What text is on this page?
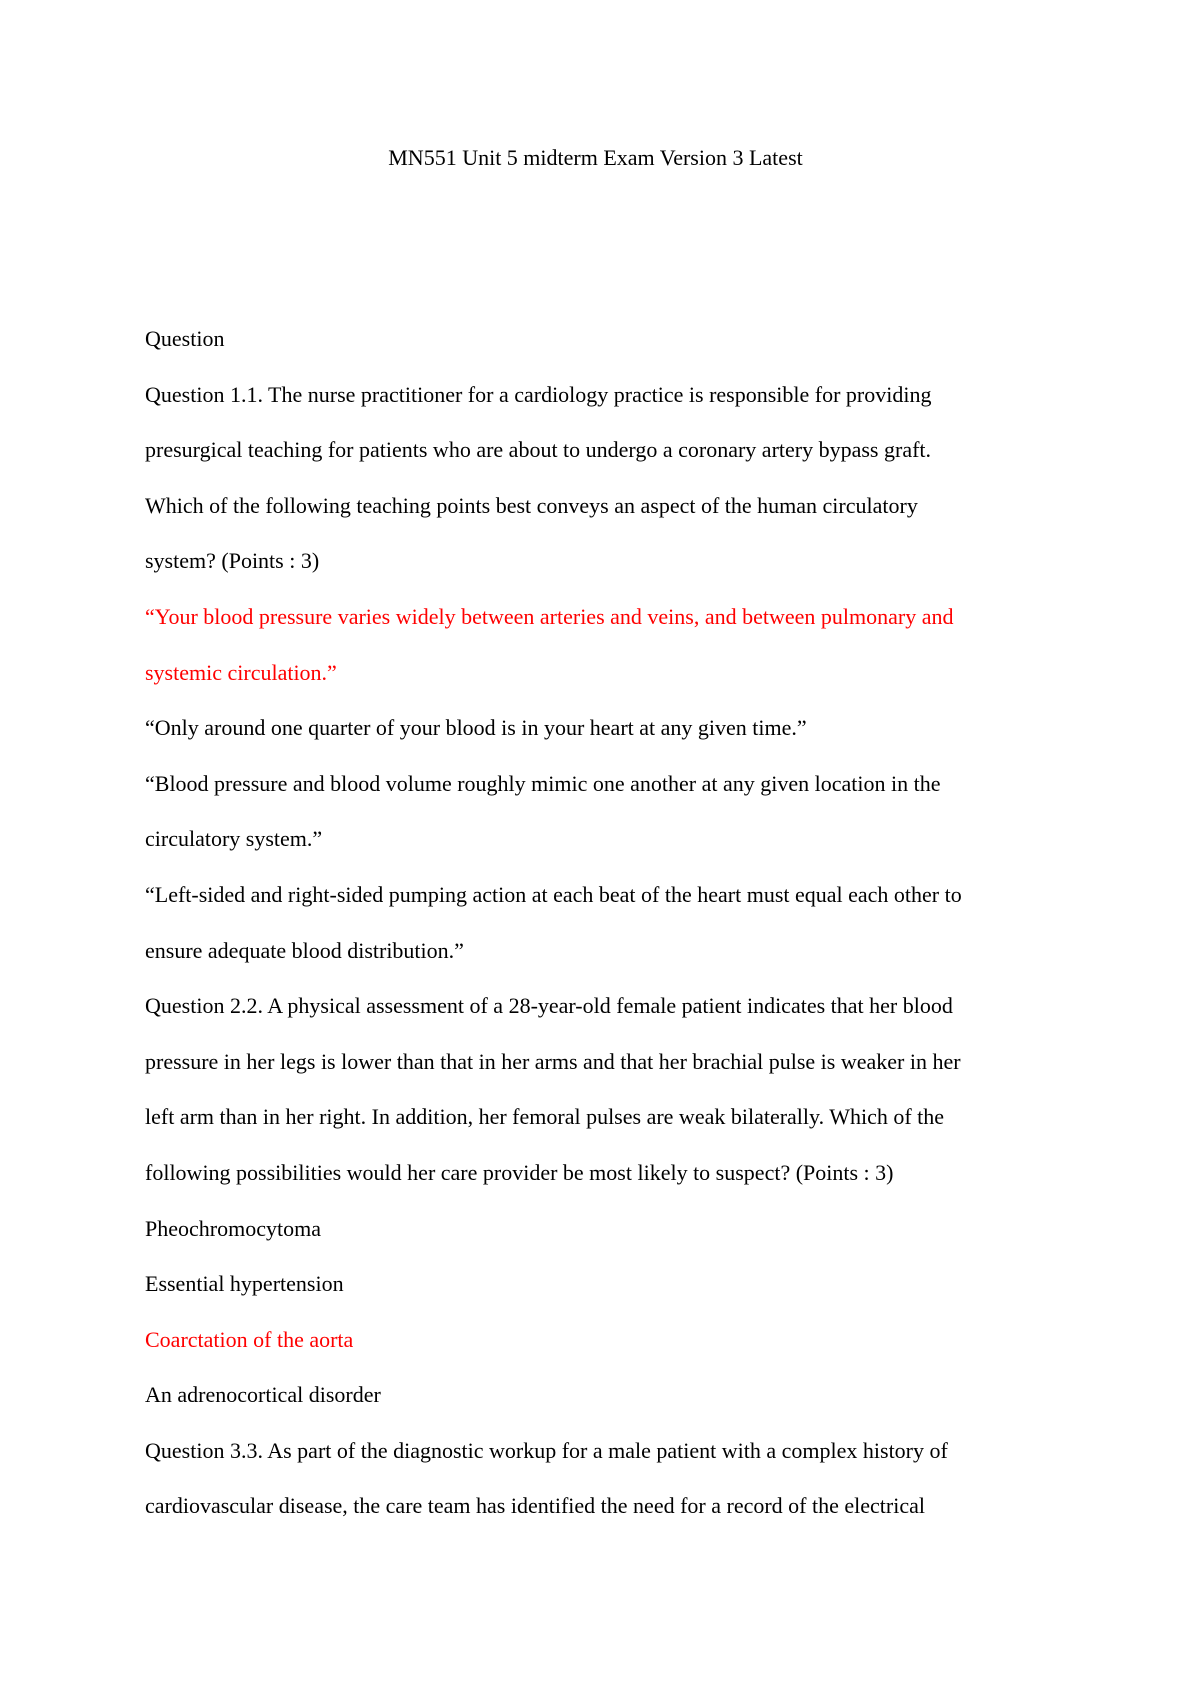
MN551 Unit 5 midterm Exam Version 3 Latest
Question
Question 1.1. The nurse practitioner for a cardiology practice is responsible for providing
presurgical teaching for patients who are about to undergo a coronary artery bypass graft.
Which of the following teaching points best conveys an aspect of the human circulatory
system? (Points : 3)
“Your blood pressure varies widely between arteries and veins, and between pulmonary and
systemic circulation.”
“Only around one quarter of your blood is in your heart at any given time.”
“Blood pressure and blood volume roughly mimic one another at any given location in the
circulatory system.”
“Left-sided and right-sided pumping action at each beat of the heart must equal each other to
ensure adequate blood distribution.”
Question 2.2. A physical assessment of a 28-year-old female patient indicates that her blood
pressure in her legs is lower than that in her arms and that her brachial pulse is weaker in her
left arm than in her right. In addition, her femoral pulses are weak bilaterally. Which of the
following possibilities would her care provider be most likely to suspect? (Points : 3)
Pheochromocytoma
Essential hypertension
Coarctation of the aorta
An adrenocortical disorder
Question 3.3. As part of the diagnostic workup for a male patient with a complex history of
cardiovascular disease, the care team has identified the need for a record of the electrical
